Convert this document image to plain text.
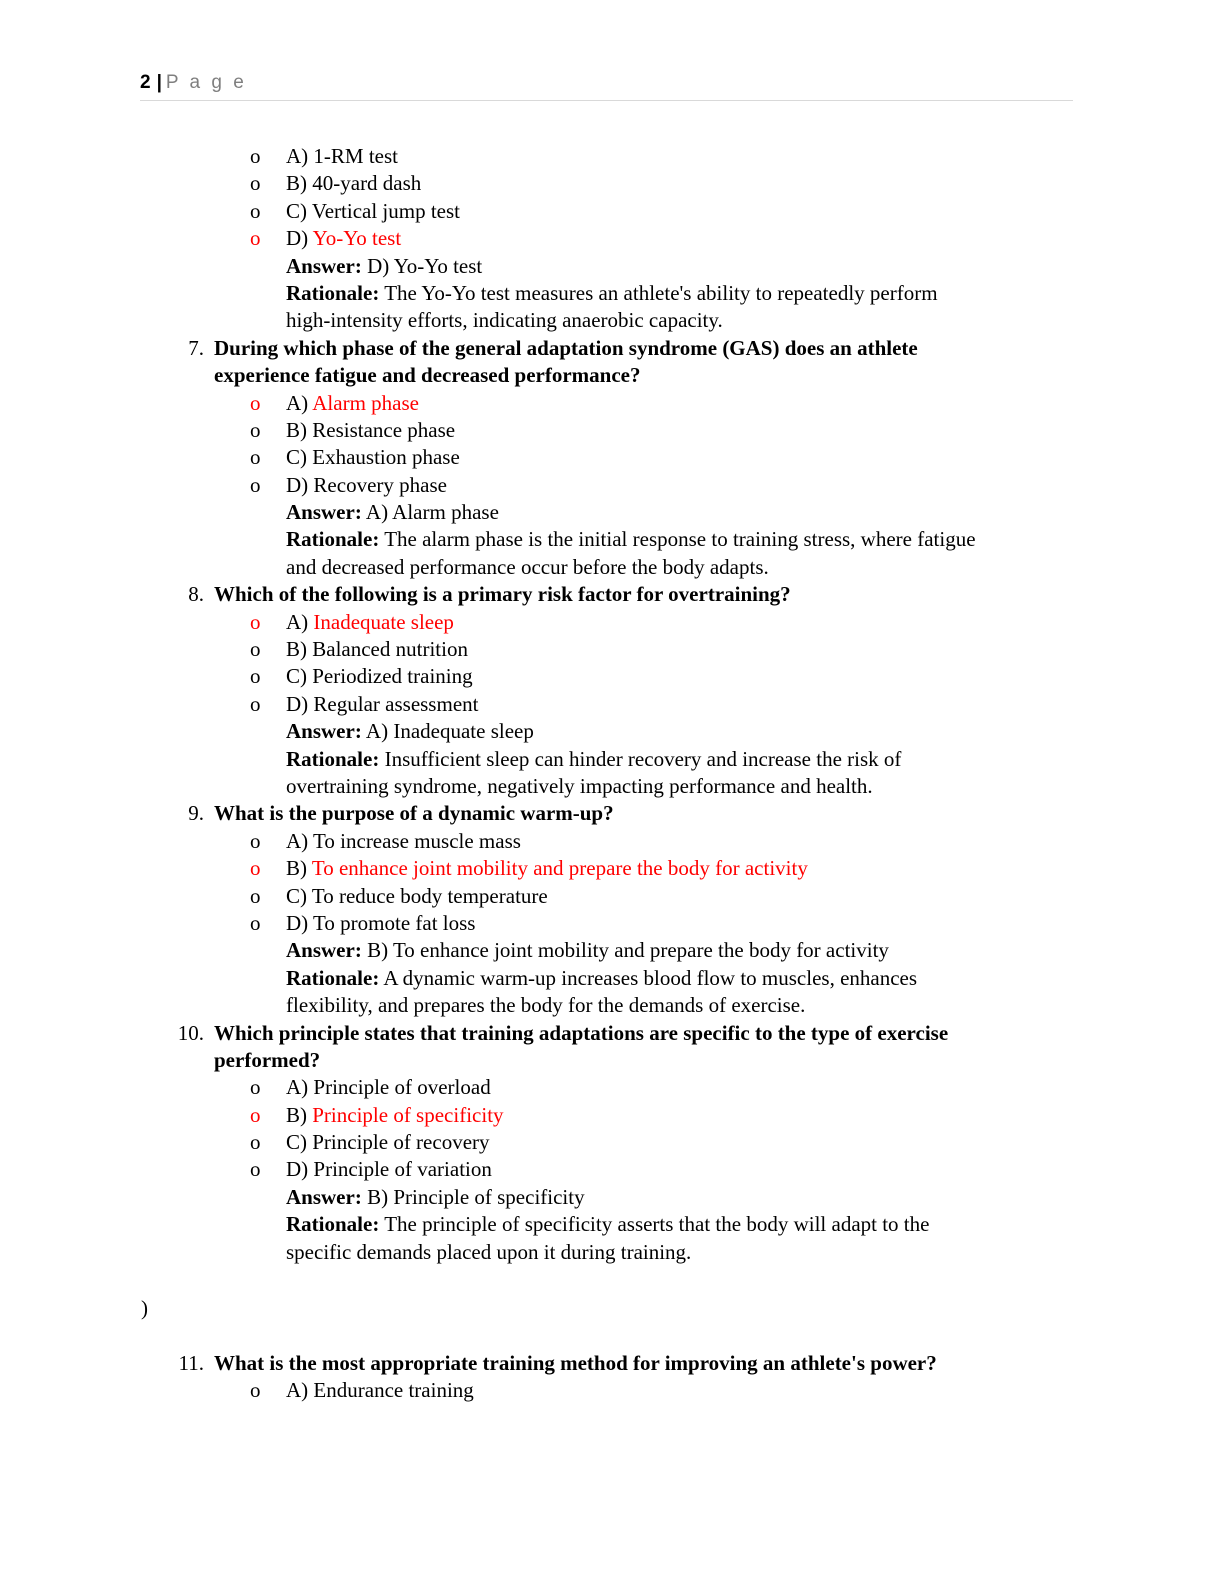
2 | P a g e
o A) 1-RM test
o B) 40-yard dash
o C) Vertical jump test
o D) Yo-Yo test
Answer: D) Yo-Yo test
Rationale: The Yo-Yo test measures an athlete's ability to repeatedly perform
high-intensity efforts, indicating anaerobic capacity.
7. During which phase of the general adaptation syndrome (GAS) does an athlete
experience fatigue and decreased performance?
o A) Alarm phase
o B) Resistance phase
o C) Exhaustion phase
o D) Recovery phase
Answer: A) Alarm phase
Rationale: The alarm phase is the initial response to training stress, where fatigue
and decreased performance occur before the body adapts.
8. Which of the following is a primary risk factor for overtraining?
o A) Inadequate sleep
o B) Balanced nutrition
o C) Periodized training
o D) Regular assessment
Answer: A) Inadequate sleep
Rationale: Insufficient sleep can hinder recovery and increase the risk of
overtraining syndrome, negatively impacting performance and health.
9. What is the purpose of a dynamic warm-up?
o A) To increase muscle mass
o B) To enhance joint mobility and prepare the body for activity
o C) To reduce body temperature
o D) To promote fat loss
Answer: B) To enhance joint mobility and prepare the body for activity
Rationale: A dynamic warm-up increases blood flow to muscles, enhances
flexibility, and prepares the body for the demands of exercise.
10. Which principle states that training adaptations are specific to the type of exercise
performed?
o A) Principle of overload
o B) Principle of specificity
o C) Principle of recovery
o D) Principle of variation
Answer: B) Principle of specificity
Rationale: The principle of specificity asserts that the body will adapt to the
specific demands placed upon it during training.
)
11. What is the most appropriate training method for improving an athlete's power?
o A) Endurance training
